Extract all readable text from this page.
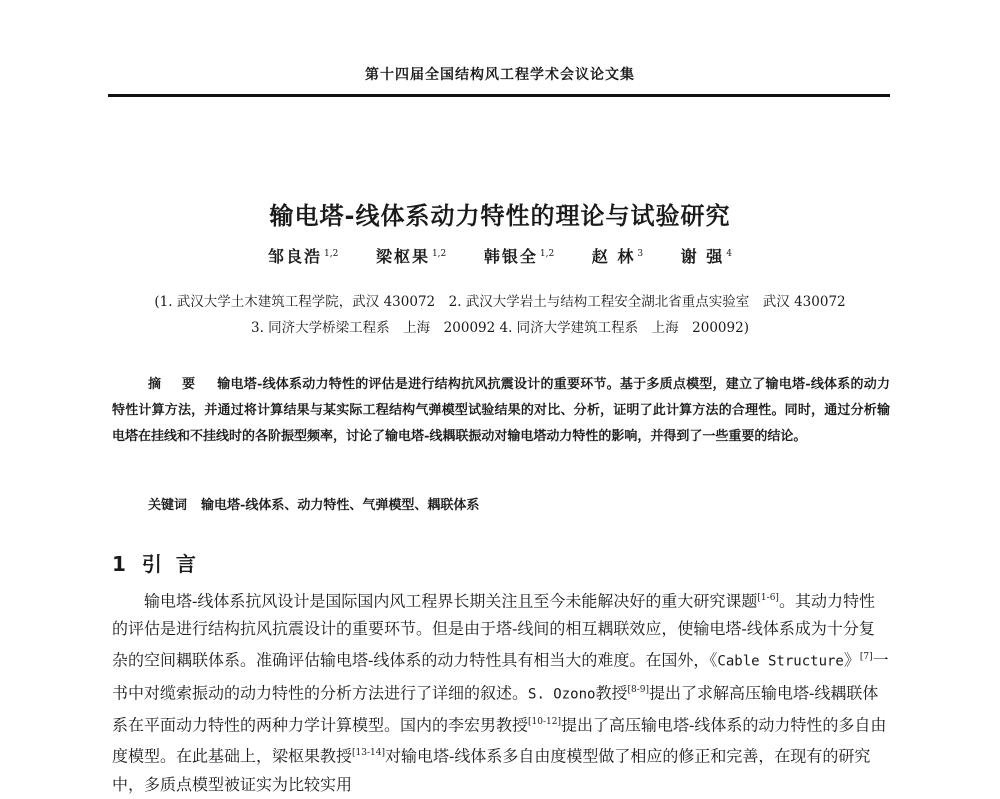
第十四届全国结构风工程学术会议论文集
输电塔-线体系动力特性的理论与试验研究
邹良浩 $^{1,2}$ 梁枢果 $^{1,2}$ 韩银全 $^{1,2}$ 赵 林 $^3$ 谢 强 $^4$
(1. 武汉大学土木建筑工程学院，武汉 430072　2. 武汉大学岩土与结构工程安全湖北省重点实验室　武汉 430072
3. 同济大学桥梁工程系　上海　200092 4. 同济大学建筑工程系　上海　200092)
摘 要 输电塔-线体系动力特性的评估是进行结构抗风抗震设计的重要环节。基于多质点模型，建立了输电塔-线体系的动力特性计算方法，并通过将计算结果与某实际工程结构气弹模型试验结果的对比、分析，证明了此计算方法的合理性。同时，通过分析输电塔在挂线和不挂线时的各阶振型频率，讨论了输电塔-线耦联振动对输电塔动力特性的影响，并得到了一些重要的结论。
关键词 输电塔-线体系、动力特性、气弹模型、耦联体系
1 引言
输电塔-线体系抗风设计是国际国内风工程界长期关注且至今未能解决好的重大研究课题[1-6]。其动力特性的评估是进行结构抗风抗震设计的重要环节。但是由于塔-线间的相互耦联效应，使输电塔-线体系成为十分复杂的空间耦联体系。准确评估输电塔-线体系的动力特性具有相当大的难度。在国外，《Cable Structure》[7]一书中对缆索振动的动力特性的分析方法进行了详细的叙述。S. Ozono教授[8-9]提出了求解高压输电塔-线耦联体系在平面动力特性的两种力学计算模型。国内的李宏男教授[10-12]提出了高压输电塔-线体系的动力特性的多自由度模型。在此基础上，梁枢果教授[13-14]对输电塔-线体系多自由度模型做了相应的修正和完善，在现有的研究中，多质点模型被证实为比较实用
